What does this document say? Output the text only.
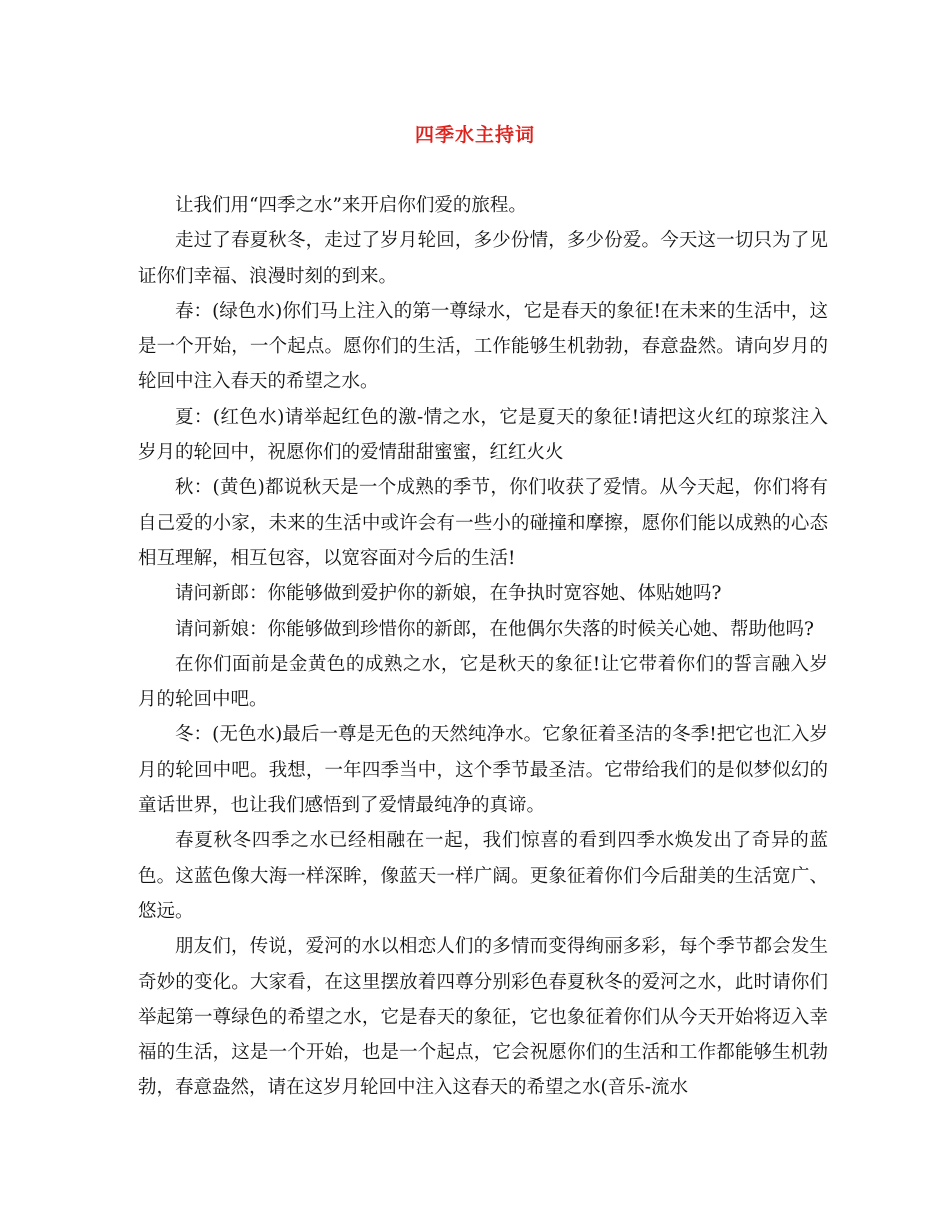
四季水主持词

让我们用“四季之水”来开启你们爱的旅程。

走过了春夏秋冬，走过了岁月轮回，多少份情，多少份爱。今天这一切只为了见证你们幸福、浪漫时刻的到来。

春：(绿色水)你们马上注入的第一尊绿水，它是春天的象征!在未来的生活中，这是一个开始，一个起点。愿你们的生活，工作能够生机勃勃，春意盎然。请向岁月的轮回中注入春天的希望之水。

夏：(红色水)请举起红色的激-情之水，它是夏天的象征!请把这火红的琼浆注入岁月的轮回中，祝愿你们的爱情甜甜蜜蜜，红红火火

秋：(黄色)都说秋天是一个成熟的季节，你们收获了爱情。从今天起，你们将有自己爱的小家，未来的生活中或许会有一些小的碰撞和摩擦，愿你们能以成熟的心态相互理解，相互包容，以宽容面对今后的生活!

请问新郎：你能够做到爱护你的新娘，在争执时宽容她、体贴她吗?

请问新娘：你能够做到珍惜你的新郎，在他偶尔失落的时候关心她、帮助他吗?

在你们面前是金黄色的成熟之水，它是秋天的象征!让它带着你们的誓言融入岁月的轮回中吧。

冬：(无色水)最后一尊是无色的天然纯净水。它象征着圣洁的冬季!把它也汇入岁月的轮回中吧。我想，一年四季当中，这个季节最圣洁。它带给我们的是似梦似幻的童话世界，也让我们感悟到了爱情最纯净的真谛。

春夏秋冬四季之水已经相融在一起，我们惊喜的看到四季水焕发出了奇异的蓝色。这蓝色像大海一样深眸，像蓝天一样广阔。更象征着你们今后甜美的生活宽广、悠远。

朋友们，传说，爱河的水以相恋人们的多情而变得绚丽多彩，每个季节都会发生奇妙的变化。大家看，在这里摆放着四尊分别彩色春夏秋冬的爱河之水，此时请你们举起第一尊绿色的希望之水，它是春天的象征，它也象征着你们从今天开始将迈入幸福的生活，这是一个开始，也是一个起点，它会祝愿你们的生活和工作都能够生机勃勃，春意盎然，请在这岁月轮回中注入这春天的希望之水(音乐-流水
